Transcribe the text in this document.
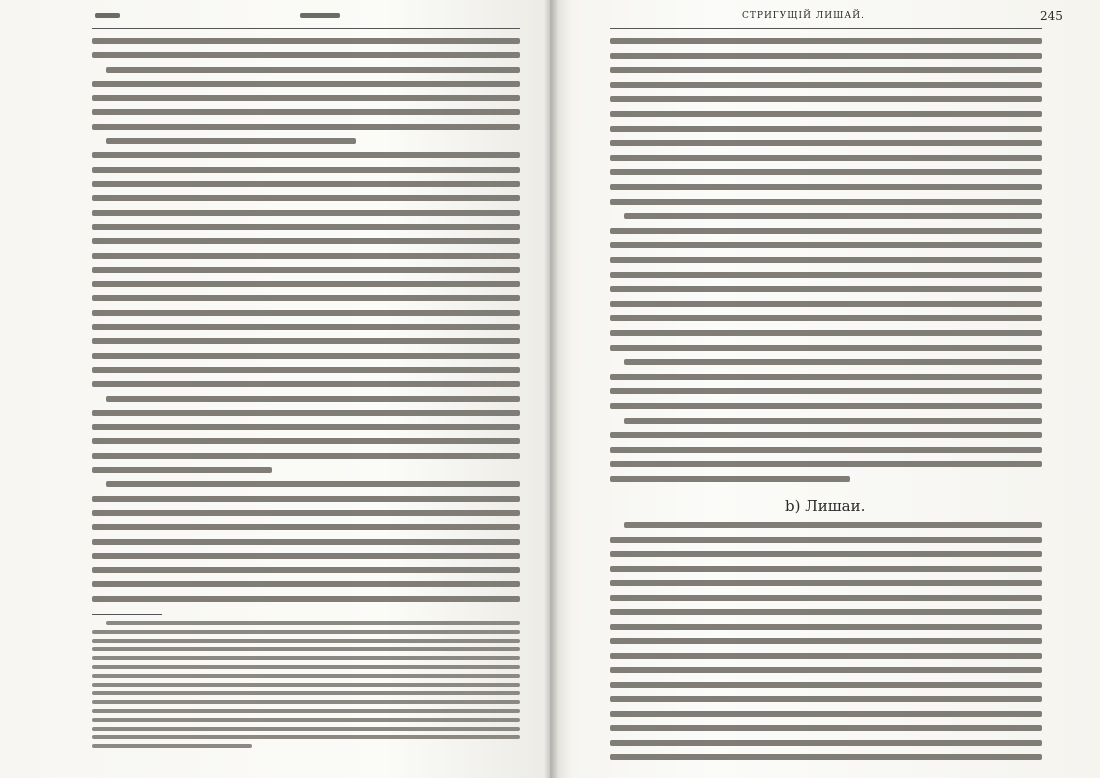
СТРИГУЩІЙ ЛИШАЙ.	245
b) Лишаи.
